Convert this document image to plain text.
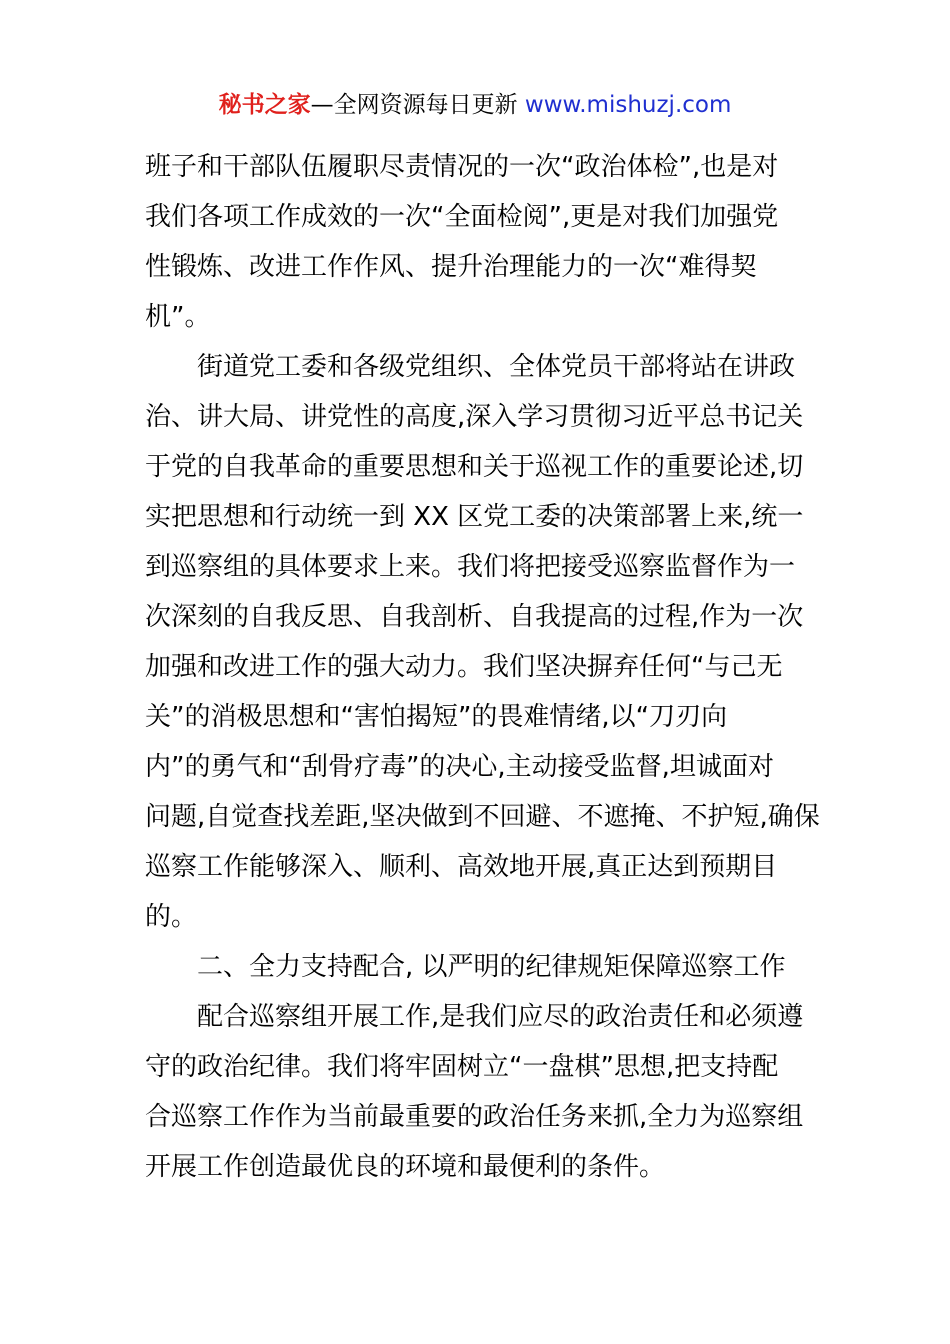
秘书之家—全网资源每日更新 www.mishuzj.com
班子和干部队伍履职尽责情况的一次“政治体检”,也是对
我们各项工作成效的一次“全面检阅”,更是对我们加强党
性锻炼、改进工作作风、提升治理能力的一次“难得契
机”。
街道党工委和各级党组织、全体党员干部将站在讲政
治、讲大局、讲党性的高度,深入学习贯彻习近平总书记关
于党的自我革命的重要思想和关于巡视工作的重要论述,切
实把思想和行动统一到 XX 区党工委的决策部署上来,统一
到巡察组的具体要求上来。我们将把接受巡察监督作为一
次深刻的自我反思、自我剖析、自我提高的过程,作为一次
加强和改进工作的强大动力。我们坚决摒弃任何“与己无
关”的消极思想和“害怕揭短”的畏难情绪,以“刀刃向
内”的勇气和“刮骨疗毒”的决心,主动接受监督,坦诚面对
问题,自觉查找差距,坚决做到不回避、不遮掩、不护短,确保
巡察工作能够深入、顺利、高效地开展,真正达到预期目
的。
二、全力支持配合, 以严明的纪律规矩保障巡察工作
配合巡察组开展工作,是我们应尽的政治责任和必须遵
守的政治纪律。我们将牢固树立“一盘棋”思想,把支持配
合巡察工作作为当前最重要的政治任务来抓,全力为巡察组
开展工作创造最优良的环境和最便利的条件。
